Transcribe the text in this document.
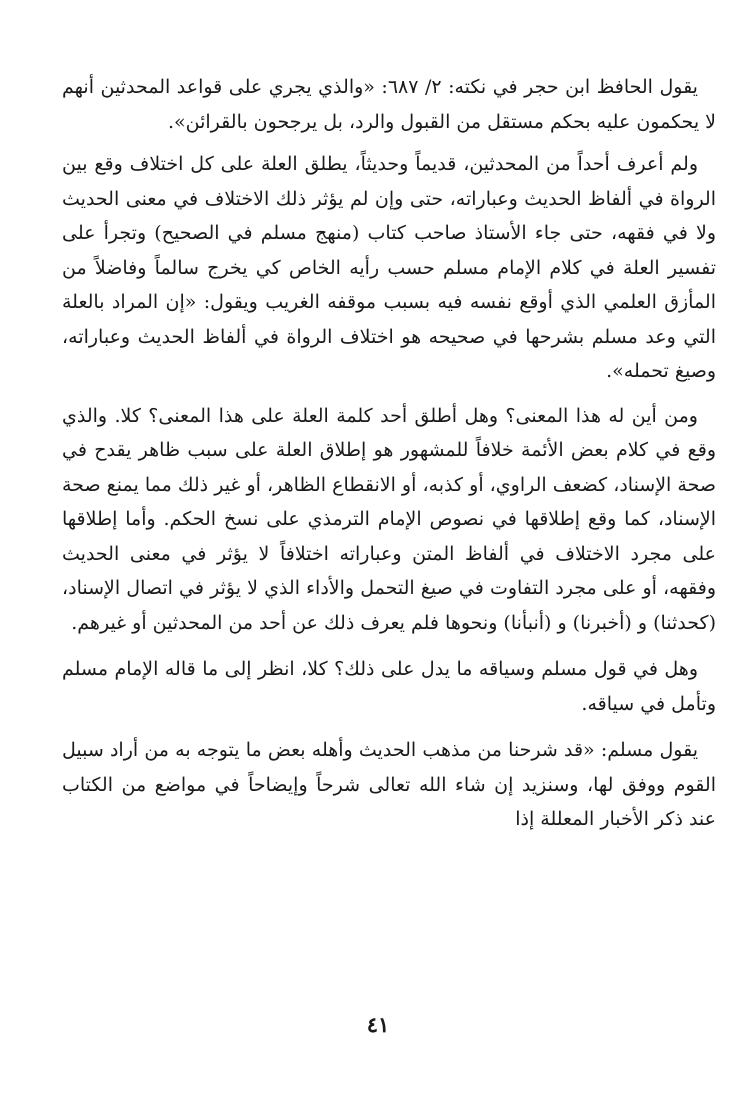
يقول الحافظ ابن حجر في نكته: ٢/ ٦٨٧: «والذي يجري على قواعد المحدثين أنهم لا يحكمون عليه بحكم مستقل من القبول والرد، بل يرجحون بالقرائن».

ولم أعرف أحداً من المحدثين، قديماً وحديثاً، يطلق العلة على كل اختلاف وقع بين الرواة في ألفاظ الحديث وعباراته، حتى وإن لم يؤثر ذلك الاختلاف في معنى الحديث ولا في فقهه، حتى جاء الأستاذ صاحب كتاب (منهج مسلم في الصحيح) وتجرأ على تفسير العلة في كلام الإمام مسلم حسب رأيه الخاص كي يخرج سالماً وفاضلاً من المأزق العلمي الذي أوقع نفسه فيه بسبب موقفه الغريب ويقول: «إن المراد بالعلة التي وعد مسلم بشرحها في صحيحه هو اختلاف الرواة في ألفاظ الحديث وعباراته، وصيغ تحمله».

ومن أين له هذا المعنى؟ وهل أطلق أحد كلمة العلة على هذا المعنى؟ كلا. والذي وقع في كلام بعض الأئمة خلافاً للمشهور هو إطلاق العلة على سبب ظاهر يقدح في صحة الإسناد، كضعف الراوي، أو كذبه، أو الانقطاع الظاهر، أو غير ذلك مما يمنع صحة الإسناد، كما وقع إطلاقها في نصوص الإمام الترمذي على نسخ الحكم. وأما إطلاقها على مجرد الاختلاف في ألفاظ المتن وعباراته اختلافاً لا يؤثر في معنى الحديث وفقهه، أو على مجرد التفاوت في صيغ التحمل والأداء الذي لا يؤثر في اتصال الإسناد، (كحدثنا) و (أخبرنا) و (أنبأنا) ونحوها فلم يعرف ذلك عن أحد من المحدثين أو غيرهم.

وهل في قول مسلم وسياقه ما يدل على ذلك؟ كلا، انظر إلى ما قاله الإمام مسلم وتأمل في سياقه.

يقول مسلم: «قد شرحنا من مذهب الحديث وأهله بعض ما يتوجه به من أراد سبيل القوم ووفق لها، وسنزيد إن شاء الله تعالى شرحاً وإيضاحاً في مواضع من الكتاب عند ذكر الأخبار المعللة إذا

٤١
